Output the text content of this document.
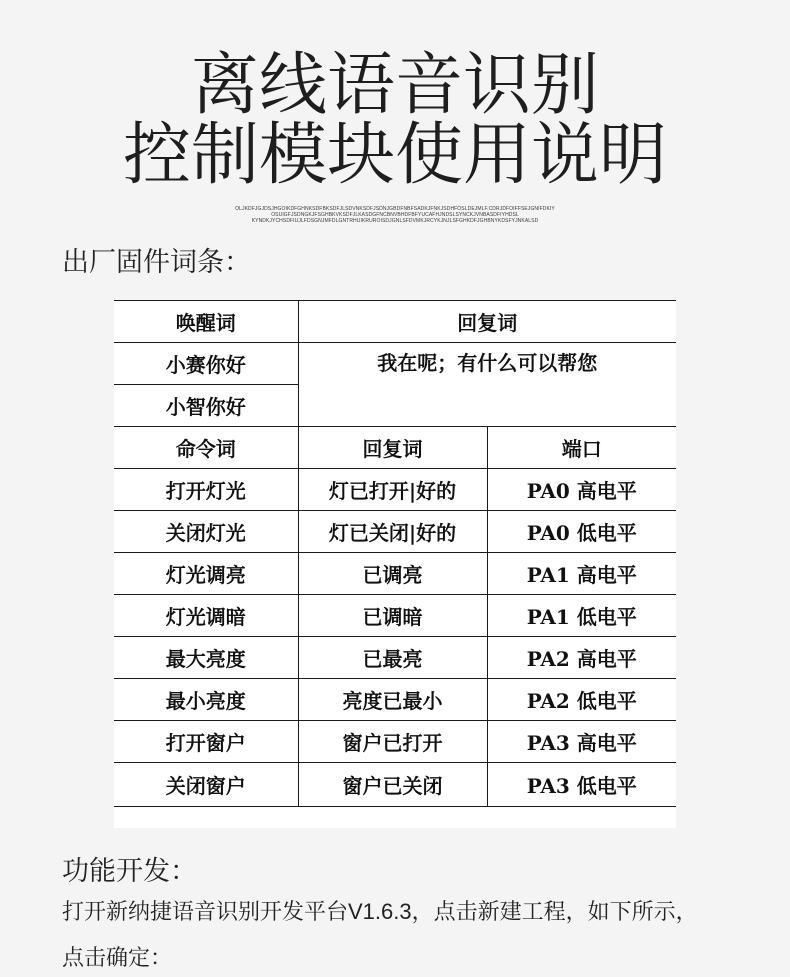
离线语音识别
控制模块使用说明
OLJKDFJGJDSJHGOIKDFGHNKSDFBKSDFJLSDVNKSDFJSDNJGBDFNBFSADKJFNKJSDHFOSLDEJMLF.CDRJDFOIFFSEJGNIFDKIY
OSUIGFJSDNGKJFSGHBKVKSDFJLKASDGFNCBNVBHDFBFYUCAFHJNDSLSYNCKJVNBASDFIYHDSL
KYNDKJYCHSDFIUJLFDSGNJMFDLGNTRHUIKRUROISDJGNLSFDVMKJRCYKJNJLSFGHKDFJGHBNYKDSFYJNKALSD
出厂固件词条：
唤醒词	回复词	
小赛你好	我在呢；有什么可以帮您	
小智你好		
命令词	回复词	端口
打开灯光	灯已打开|好的	PA0 高电平
关闭灯光	灯已关闭|好的	PA0 低电平
灯光调亮	已调亮	PA1 高电平
灯光调暗	已调暗	PA1 低电平
最大亮度	已最亮	PA2 高电平
最小亮度	亮度已最小	PA2 低电平
打开窗户	窗户已打开	PA3 高电平
关闭窗户	窗户已关闭	PA3 低电平
功能开发：
打开新纳捷语音识别开发平台V1.6.3，点击新建工程，如下所示，
点击确定：
